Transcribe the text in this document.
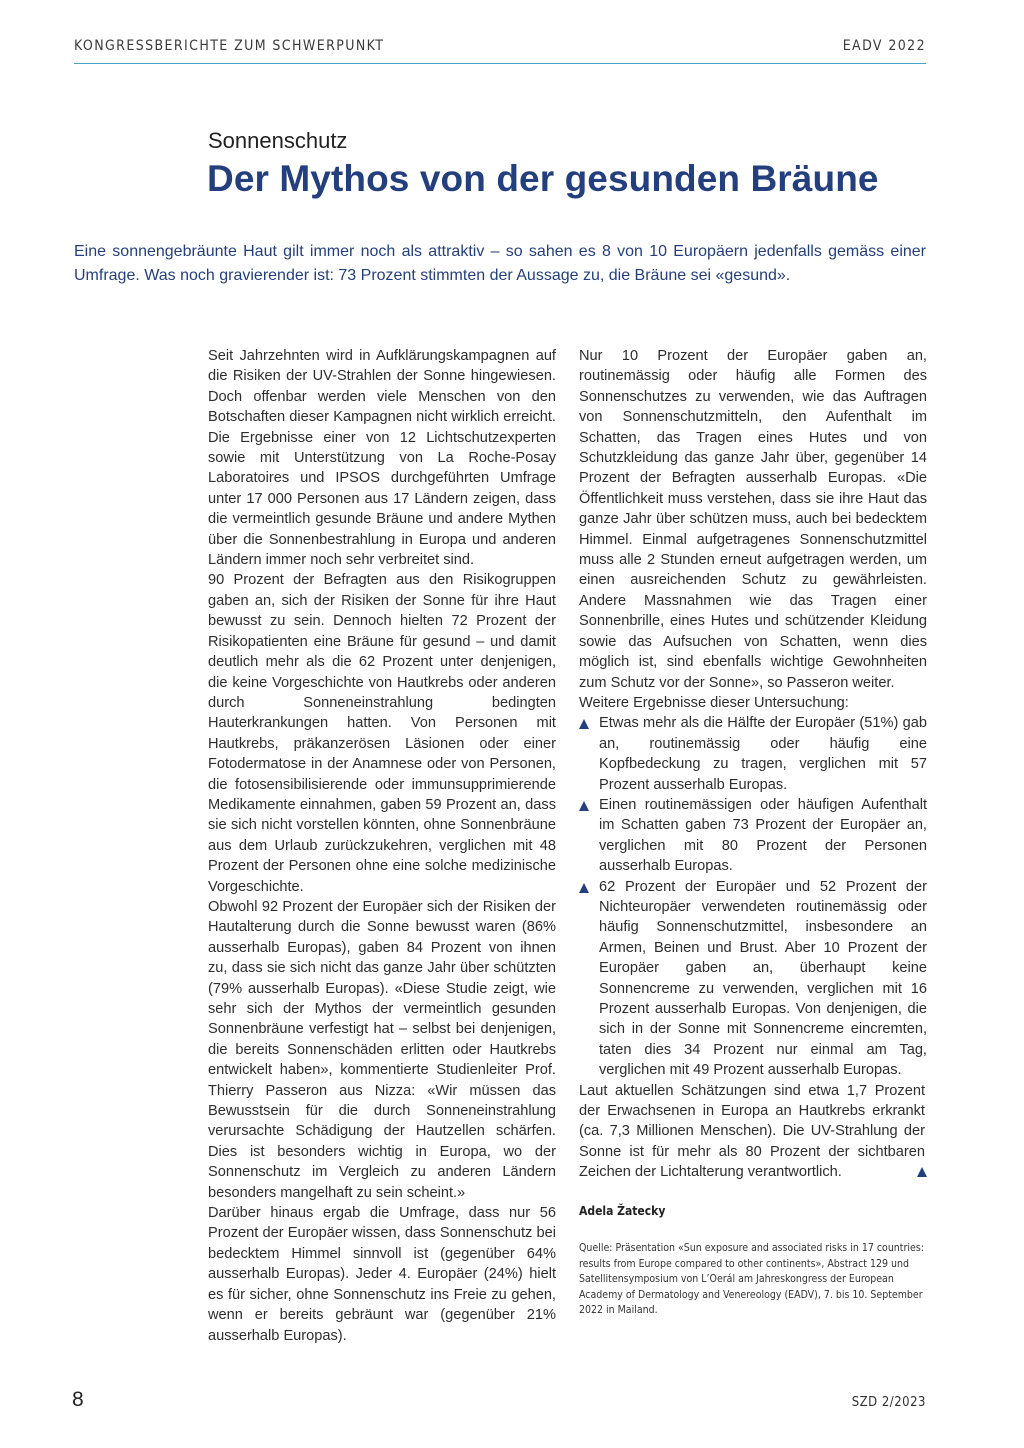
KONGRESSBERICHTE ZUM SCHWERPUNKT	EADV 2022
Sonnenschutz
Der Mythos von der gesunden Bräune

Eine sonnengebräunte Haut gilt immer noch als attraktiv – so sahen es 8 von 10 Europäern jedenfalls gemäss einer Umfrage. Was noch gravierender ist: 73 Prozent stimmten der Aussage zu, die Bräune sei «gesund».

Seit Jahrzehnten wird in Aufklärungskampagnen auf die Risiken der UV-Strahlen der Sonne hingewiesen. Doch offenbar werden viele Menschen von den Botschaften dieser Kampagnen nicht wirklich erreicht. Die Ergebnisse einer von 12 Lichtschutzexperten sowie mit Unterstützung von La Roche-Posay Laboratoires und IPSOS durchgeführten Umfrage unter 17 000 Personen aus 17 Ländern zeigen, dass die vermeintlich gesunde Bräune und andere Mythen über die Sonnenbestrahlung in Europa und anderen Ländern immer noch sehr verbreitet sind.

90 Prozent der Befragten aus den Risikogruppen gaben an, sich der Risiken der Sonne für ihre Haut bewusst zu sein. Dennoch hielten 72 Prozent der Risikopatienten eine Bräune für gesund – und damit deutlich mehr als die 62 Prozent unter denjenigen, die keine Vorgeschichte von Hautkrebs oder anderen durch Sonneneinstrahlung bedingten Hauterkrankungen hatten. Von Personen mit Hautkrebs, präkanzerösen Läsionen oder einer Fotodermatose in der Anamnese oder von Personen, die fotosensibilisierende oder immunsupprimierende Medikamente einnahmen, gaben 59 Prozent an, dass sie sich nicht vorstellen könnten, ohne Sonnenbräune aus dem Urlaub zurückzukehren, verglichen mit 48 Prozent der Personen ohne eine solche medizinische Vorgeschichte.

Obwohl 92 Prozent der Europäer sich der Risiken der Hautalterung durch die Sonne bewusst waren (86% ausserhalb Europas), gaben 84 Prozent von ihnen zu, dass sie sich nicht das ganze Jahr über schützten (79% ausserhalb Europas). «Diese Studie zeigt, wie sehr sich der Mythos der vermeintlich gesunden Sonnenbräune verfestigt hat – selbst bei denjenigen, die bereits Sonnenschäden erlitten oder Hautkrebs entwickelt haben», kommentierte Studienleiter Prof. Thierry Passeron aus Nizza: «Wir müssen das Bewusstsein für die durch Sonneneinstrahlung verursachte Schädigung der Hautzellen schärfen. Dies ist besonders wichtig in Europa, wo der Sonnenschutz im Vergleich zu anderen Ländern besonders mangelhaft zu sein scheint.»

Darüber hinaus ergab die Umfrage, dass nur 56 Prozent der Europäer wissen, dass Sonnenschutz bei bedecktem Himmel sinnvoll ist (gegenüber 64% ausserhalb Europas). Jeder 4. Europäer (24%) hielt es für sicher, ohne Sonnenschutz ins Freie zu gehen, wenn er bereits gebräunt war (gegenüber 21% ausserhalb Europas).

Nur 10 Prozent der Europäer gaben an, routinemässig oder häufig alle Formen des Sonnenschutzes zu verwenden, wie das Auftragen von Sonnenschutzmitteln, den Aufenthalt im Schatten, das Tragen eines Hutes und von Schutzkleidung das ganze Jahr über, gegenüber 14 Prozent der Befragten ausserhalb Europas. «Die Öffentlichkeit muss verstehen, dass sie ihre Haut das ganze Jahr über schützen muss, auch bei bedecktem Himmel. Einmal aufgetragenes Sonnenschutzmittel muss alle 2 Stunden erneut aufgetragen werden, um einen ausreichenden Schutz zu gewährleisten. Andere Massnahmen wie das Tragen einer Sonnenbrille, eines Hutes und schützender Kleidung sowie das Aufsuchen von Schatten, wenn dies möglich ist, sind ebenfalls wichtige Gewohnheiten zum Schutz vor der Sonne», so Passeron weiter.

Weitere Ergebnisse dieser Untersuchung:

Etwas mehr als die Hälfte der Europäer (51%) gab an, routinemässig oder häufig eine Kopfbedeckung zu tragen, verglichen mit 57 Prozent ausserhalb Europas.
Einen routinemässigen oder häufigen Aufenthalt im Schatten gaben 73 Prozent der Europäer an, verglichen mit 80 Prozent der Personen ausserhalb Europas.
62 Prozent der Europäer und 52 Prozent der Nichteuropäer verwendeten routinemässig oder häufig Sonnenschutzmittel, insbesondere an Armen, Beinen und Brust. Aber 10 Prozent der Europäer gaben an, überhaupt keine Sonnencreme zu verwenden, verglichen mit 16 Prozent ausserhalb Europas. Von denjenigen, die sich in der Sonne mit Sonnencreme eincremten, taten dies 34 Prozent nur einmal am Tag, verglichen mit 49 Prozent ausserhalb Europas.

Laut aktuellen Schätzungen sind etwa 1,7 Prozent der Erwachsenen in Europa an Hautkrebs erkrankt (ca. 7,3 Millionen Menschen). Die UV-Strahlung der Sonne ist für mehr als 80 Prozent der sichtbaren Zeichen der Lichtalterung verantwortlich.

Adela Žatecky
Quelle: Präsentation «Sun exposure and associated risks in 17 countries: results from Europe compared to other continents», Abstract 129 und Satellitensymposium von L’Oerál am Jahreskongress der European Academy of Dermatology and Venereology (EADV), 7. bis 10. September 2022 in Mailand.
8	SZD 2/2023
